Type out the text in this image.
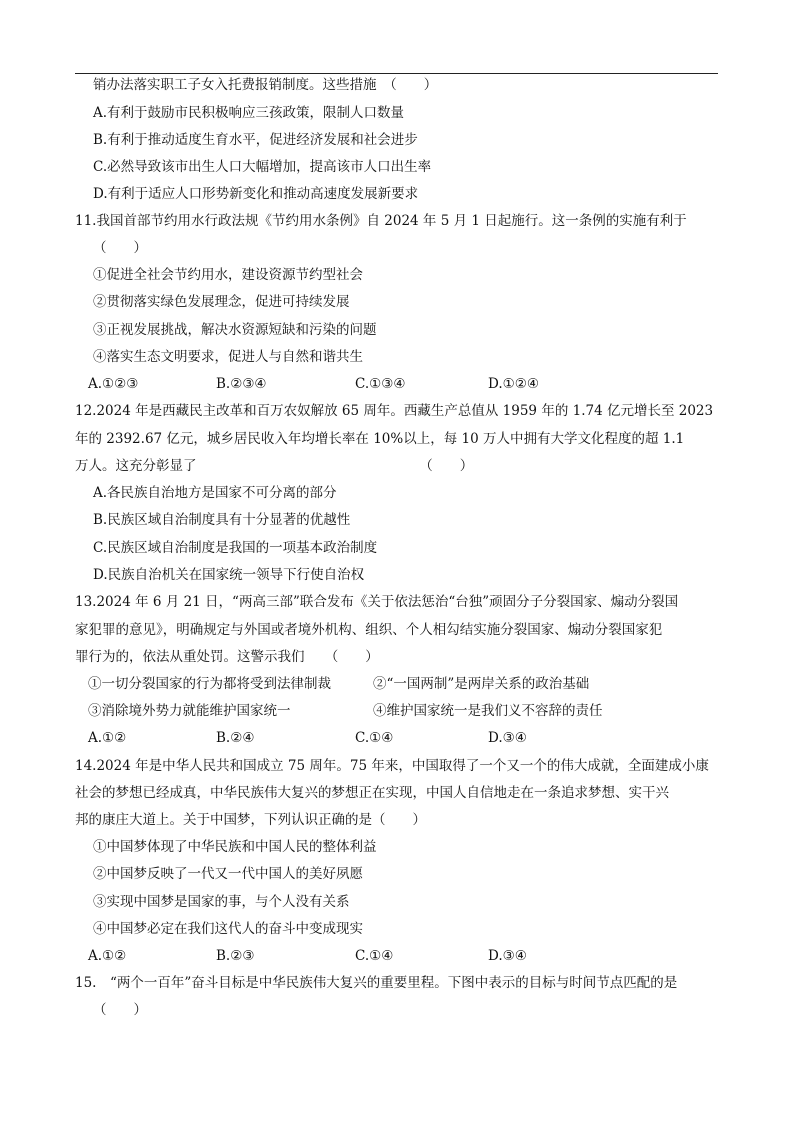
销办法落实职工子女入托费报销制度。这些措施　（　　）
A.有利于鼓励市民积极响应三孩政策，限制人口数量
B.有利于推动适度生育水平，促进经济发展和社会进步
C.必然导致该市出生人口大幅增加，提高该市人口出生率
D.有利于适应人口形势新变化和推动高速度发展新要求
11.我国首部节约用水行政法规《节约用水条例》自 2024 年 5 月 1 日起施行。这一条例的实施有利于
（　　）
①促进全社会节约用水，建设资源节约型社会
②贯彻落实绿色发展理念，促进可持续发展
③正视发展挑战，解决水资源短缺和污染的问题
④落实生态文明要求，促进人与自然和谐共生
A.①②③	B.②③④	C.①③④	D.①②④
12.2024 年是西藏民主改革和百万农奴解放 65 周年。西藏生产总值从 1959 年的 1.74 亿元增长至 2023
年的 2392.67 亿元，城乡居民收入年均增长率在 10%以上，每 10 万人中拥有大学文化程度的超 1.1
万人。这充分彰显了　　　　　　　　　　　　　　　　　（　　）
A.各民族自治地方是国家不可分离的部分
B.民族区域自治制度具有十分显著的优越性
C.民族区域自治制度是我国的一项基本政治制度
D.民族自治机关在国家统一领导下行使自治权
13.2024 年 6 月 21 日，“两高三部”联合发布《关于依法惩治“台独”顽固分子分裂国家、煽动分裂国
家犯罪的意见》，明确规定与外国或者境外机构、组织、个人相勾结实施分裂国家、煽动分裂国家犯
罪行为的，依法从重处罚。这警示我们　　（　　）
①一切分裂国家的行为都将受到法律制裁	②“一国两制”是两岸关系的政治基础
③消除境外势力就能维护国家统一	④维护国家统一是我们义不容辞的责任
A.①②	B.②④	C.①④	D.③④
14.2024 年是中华人民共和国成立 75 周年。75 年来，中国取得了一个又一个的伟大成就，全面建成小康
社会的梦想已经成真，中华民族伟大复兴的梦想正在实现，中国人自信地走在一条追求梦想、实干兴
邦的康庄大道上。关于中国梦，下列认识正确的是（　　）
①中国梦体现了中华民族和中国人民的整体利益
②中国梦反映了一代又一代中国人的美好夙愿
③实现中国梦是国家的事，与个人没有关系
④中国梦必定在我们这代人的奋斗中变成现实
A.①②	B.②③	C.①④	D.③④
15.　“两个一百年”奋斗目标是中华民族伟大复兴的重要里程。下图中表示的目标与时间节点匹配的是
（　　）
